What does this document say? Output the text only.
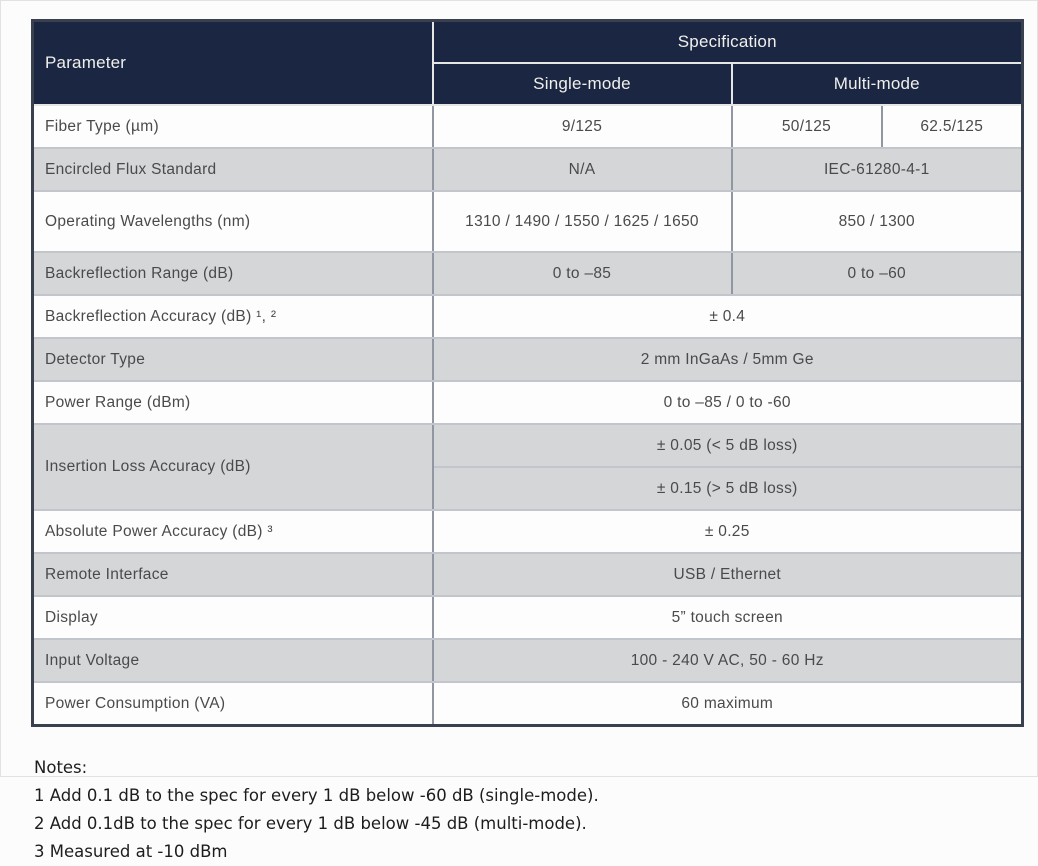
Parameter	Specification		
	Single-mode	Multi-mode	
Fiber Type (µm)	9/125	50/125	62.5/125
Encircled Flux Standard	N/A	IEC-61280-4-1	
Operating Wavelengths (nm)	1310 / 1490 / 1550 / 1625 / 1650	850 / 1300	
Backreflection Range (dB)	0 to –85	0 to –60	
Backreflection Accuracy (dB) ¹, ²	± 0.4		
Detector Type	2 mm InGaAs / 5mm Ge		
Power Range (dBm)	0 to –85 / 0 to -60		
Insertion Loss Accuracy (dB)	± 0.05 (< 5 dB loss)		
	± 0.15 (> 5 dB loss)		
Absolute Power Accuracy (dB) ³	± 0.25		
Remote Interface	USB / Ethernet		
Display	5” touch screen		
Input Voltage	100 - 240 V AC, 50 - 60 Hz		
Power Consumption (VA)	60 maximum		
Notes:
1 Add 0.1 dB to the spec for every 1 dB below -60 dB (single-mode).
2 Add 0.1dB to the spec for every 1 dB below -45 dB (multi-mode).
3 Measured at -10 dBm
